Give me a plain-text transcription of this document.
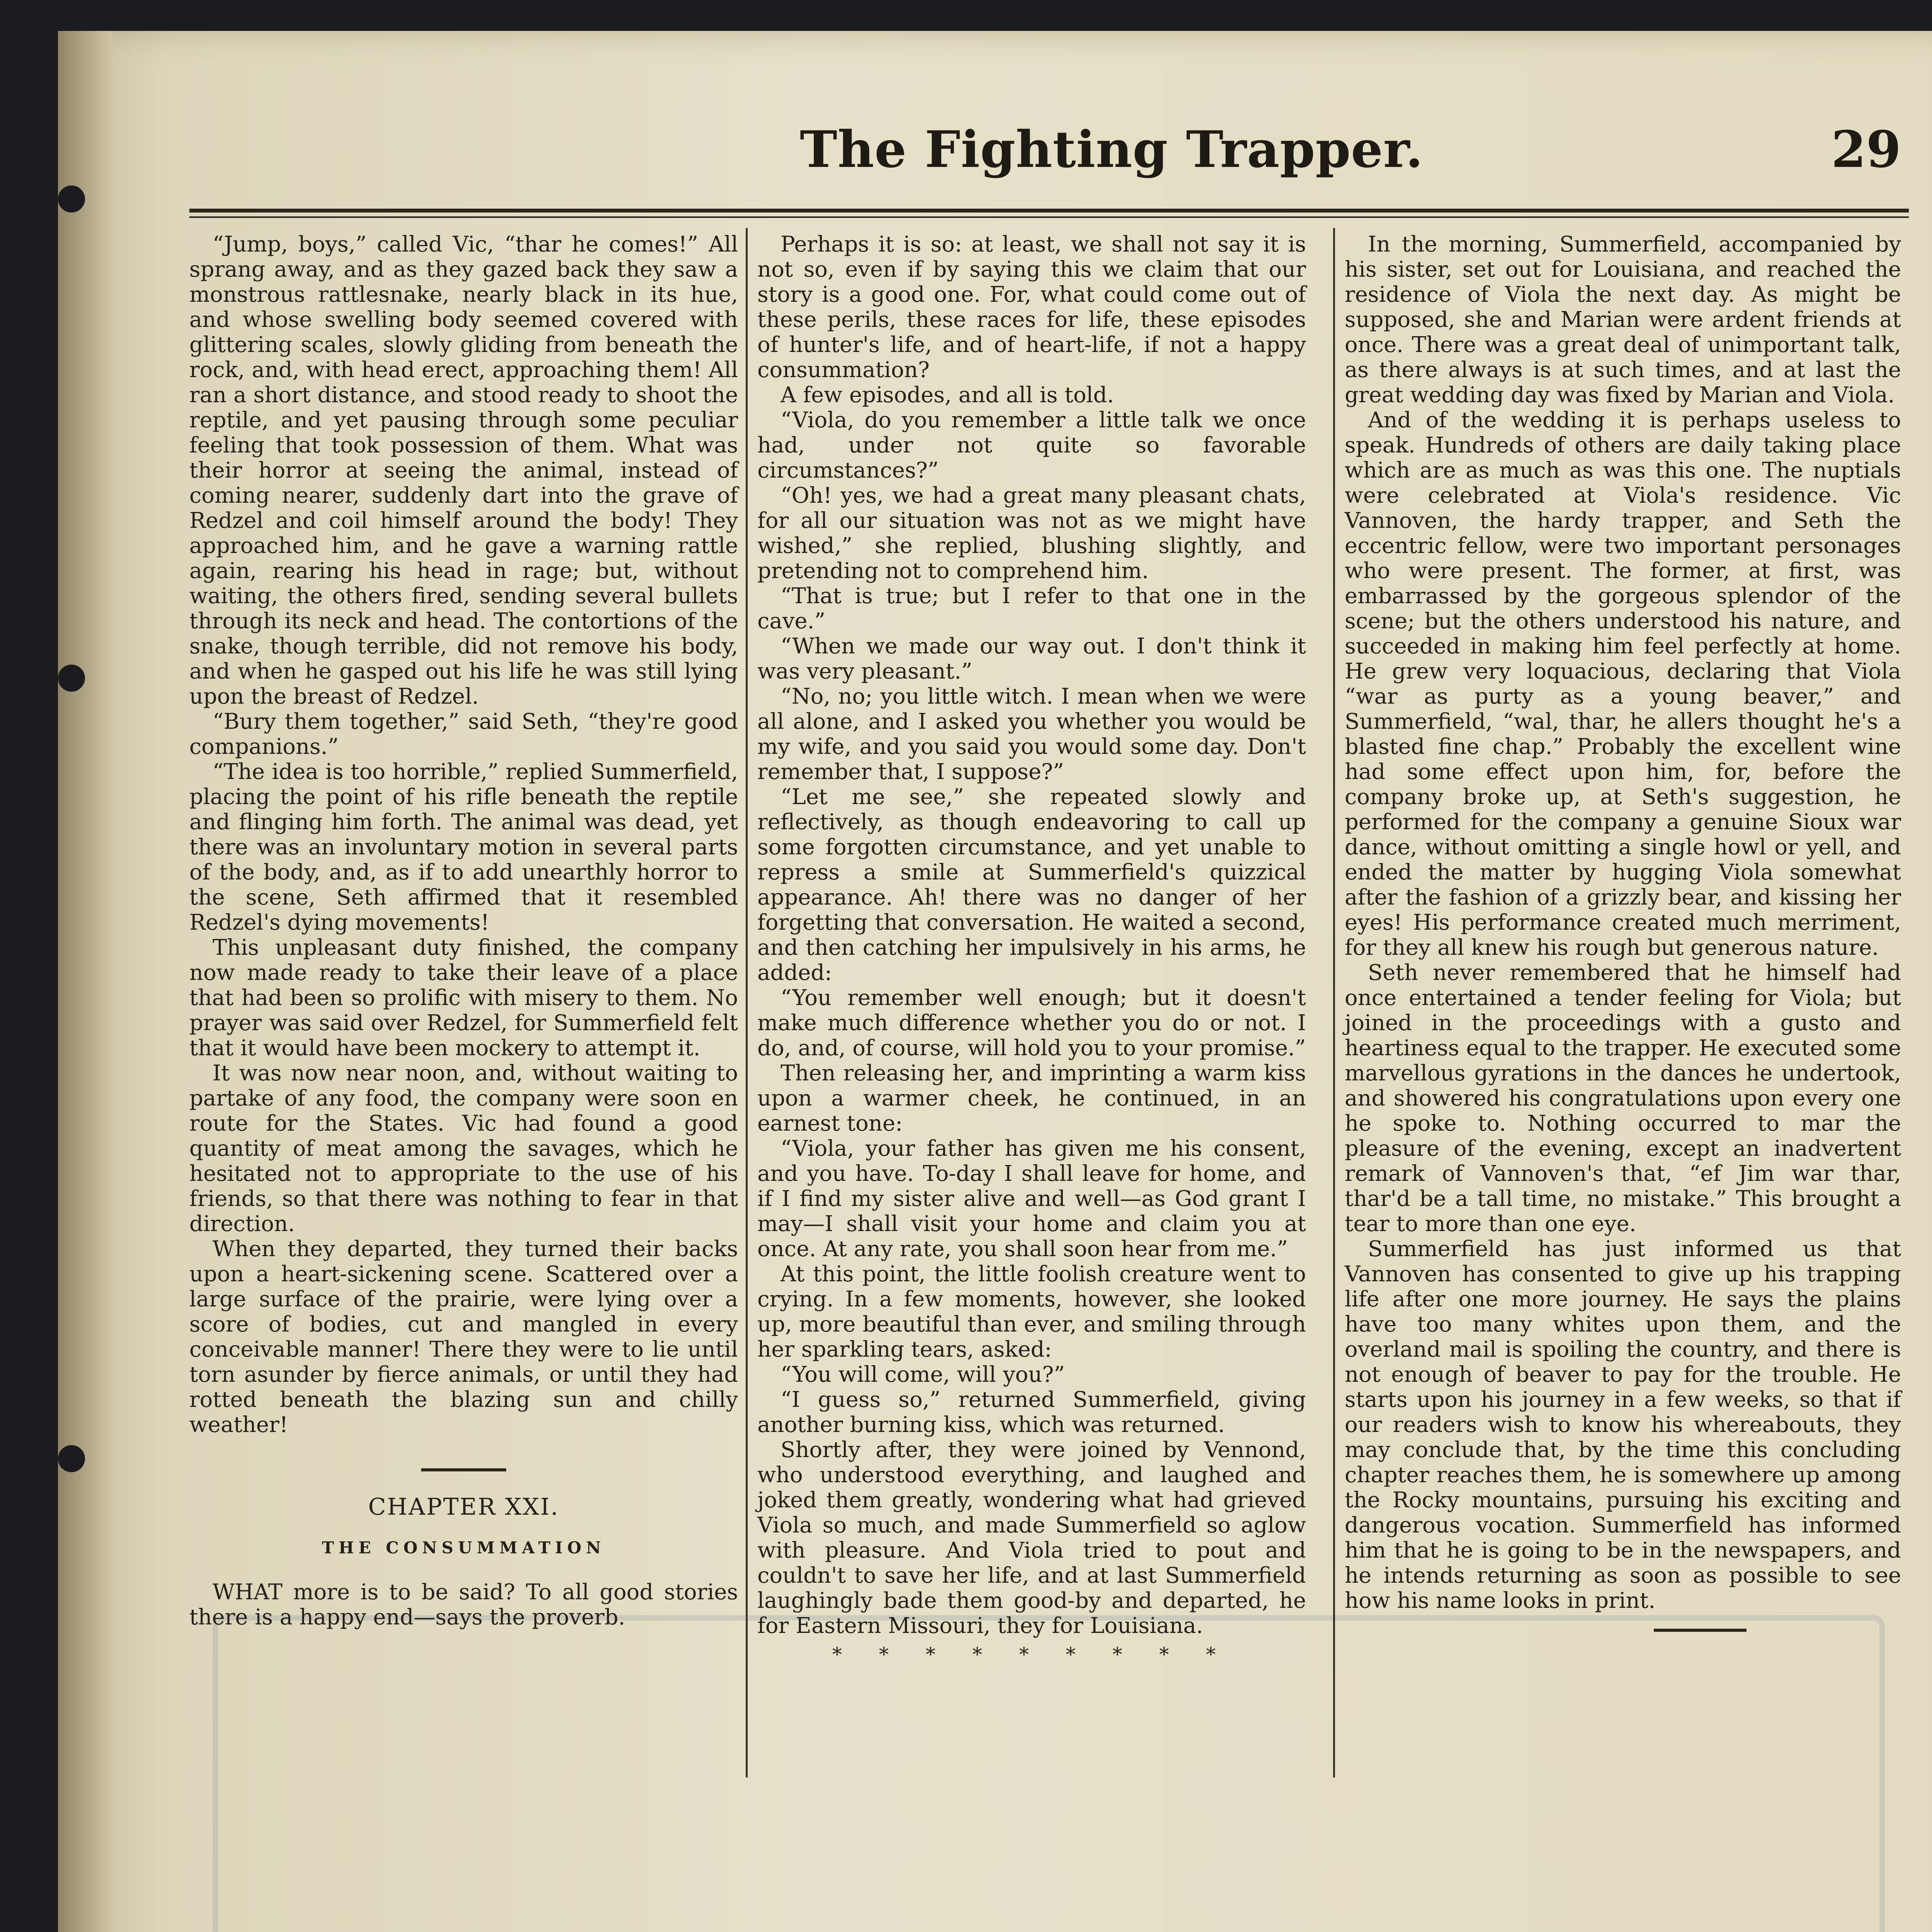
The Fighting Trapper.	29

“Jump, boys,” called Vic, “thar he comes!” All sprang away, and as they gazed back they saw a monstrous rattlesnake, nearly black in its hue, and whose swelling body seemed covered with glittering scales, slowly gliding from beneath the rock, and, with head erect, approaching them! All ran a short distance, and stood ready to shoot the reptile, and yet pausing through some peculiar feeling that took possession of them. What was their horror at seeing the animal, instead of coming nearer, suddenly dart into the grave of Redzel and coil himself around the body! They approached him, and he gave a warning rattle again, rearing his head in rage; but, without waiting, the others fired, sending several bullets through its neck and head. The contortions of the snake, though terrible, did not remove his body, and when he gasped out his life he was still lying upon the breast of Redzel.

“Bury them together,” said Seth, “they're good companions.”

“The idea is too horrible,” replied Summerfield, placing the point of his rifle beneath the reptile and flinging him forth. The animal was dead, yet there was an involuntary motion in several parts of the body, and, as if to add unearthly horror to the scene, Seth affirmed that it resembled Redzel's dying movements!

This unpleasant duty finished, the company now made ready to take their leave of a place that had been so prolific with misery to them. No prayer was said over Redzel, for Summerfield felt that it would have been mockery to attempt it.

It was now near noon, and, without waiting to partake of any food, the company were soon en route for the States. Vic had found a good quantity of meat among the savages, which he hesitated not to appropriate to the use of his friends, so that there was nothing to fear in that direction.

When they departed, they turned their backs upon a heart-sickening scene. Scattered over a large surface of the prairie, were lying over a score of bodies, cut and mangled in every conceivable manner! There they were to lie until torn asunder by fierce animals, or until they had rotted beneath the blazing sun and chilly weather!

CHAPTER XXI.

THE CONSUMMATION

WHAT more is to be said? To all good stories there is a happy end—says the proverb.

Perhaps it is so: at least, we shall not say it is not so, even if by saying this we claim that our story is a good one. For, what could come out of these perils, these races for life, these episodes of hunter's life, and of heart-life, if not a happy consummation?

A few episodes, and all is told.

“Viola, do you remember a little talk we once had, under not quite so favorable circumstances?”

“Oh! yes, we had a great many pleasant chats, for all our situation was not as we might have wished,” she replied, blushing slightly, and pretending not to comprehend him.

“That is true; but I refer to that one in the cave.”

“When we made our way out. I don't think it was very pleasant.”

“No, no; you little witch. I mean when we were all alone, and I asked you whether you would be my wife, and you said you would some day. Don't remember that, I suppose?”

“Let me see,” she repeated slowly and reflectively, as though endeavoring to call up some forgotten circumstance, and yet unable to repress a smile at Summerfield's quizzical appearance. Ah! there was no danger of her forgetting that conversation. He waited a second, and then catching her impulsively in his arms, he added:

“You remember well enough; but it doesn't make much difference whether you do or not. I do, and, of course, will hold you to your promise.”

Then releasing her, and imprinting a warm kiss upon a warmer cheek, he continued, in an earnest tone:

“Viola, your father has given me his consent, and you have. To-day I shall leave for home, and if I find my sister alive and well—as God grant I may—I shall visit your home and claim you at once. At any rate, you shall soon hear from me.”

At this point, the little foolish creature went to crying. In a few moments, however, she looked up, more beautiful than ever, and smiling through her sparkling tears, asked:

“You will come, will you?”

“I guess so,” returned Summerfield, giving another burning kiss, which was returned.

Shortly after, they were joined by Vennond, who understood everything, and laughed and joked them greatly, wondering what had grieved Viola so much, and made Summerfield so aglow with pleasure. And Viola tried to pout and couldn't to save her life, and at last Summerfield laughingly bade them good-by and departed, he for Eastern Missouri, they for Louisiana.

* * * * * * * * *

In the morning, Summerfield, accompanied by his sister, set out for Louisiana, and reached the residence of Viola the next day. As might be supposed, she and Marian were ardent friends at once. There was a great deal of unimportant talk, as there always is at such times, and at last the great wedding day was fixed by Marian and Viola.

And of the wedding it is perhaps useless to speak. Hundreds of others are daily taking place which are as much as was this one. The nuptials were celebrated at Viola's residence. Vic Vannoven, the hardy trapper, and Seth the eccentric fellow, were two important personages who were present. The former, at first, was embarrassed by the gorgeous splendor of the scene; but the others understood his nature, and succeeded in making him feel perfectly at home. He grew very loquacious, declaring that Viola “war as purty as a young beaver,” and Summerfield, “wal, thar, he allers thought he's a blasted fine chap.” Probably the excellent wine had some effect upon him, for, before the company broke up, at Seth's suggestion, he performed for the company a genuine Sioux war dance, without omitting a single howl or yell, and ended the matter by hugging Viola somewhat after the fashion of a grizzly bear, and kissing her eyes! His performance created much merriment, for they all knew his rough but generous nature.

Seth never remembered that he himself had once entertained a tender feeling for Viola; but joined in the proceedings with a gusto and heartiness equal to the trapper. He executed some marvellous gyrations in the dances he undertook, and showered his congratulations upon every one he spoke to. Nothing occurred to mar the pleasure of the evening, except an inadvertent remark of Vannoven's that, “ef Jim war thar, thar'd be a tall time, no mistake.” This brought a tear to more than one eye.

Summerfield has just informed us that Vannoven has consented to give up his trapping life after one more journey. He says the plains have too many whites upon them, and the overland mail is spoiling the country, and there is not enough of beaver to pay for the trouble. He starts upon his journey in a few weeks, so that if our readers wish to know his whereabouts, they may conclude that, by the time this concluding chapter reaches them, he is somewhere up among the Rocky mountains, pursuing his exciting and dangerous vocation. Summerfield has informed him that he is going to be in the newspapers, and he intends returning as soon as possible to see how his name looks in print.
